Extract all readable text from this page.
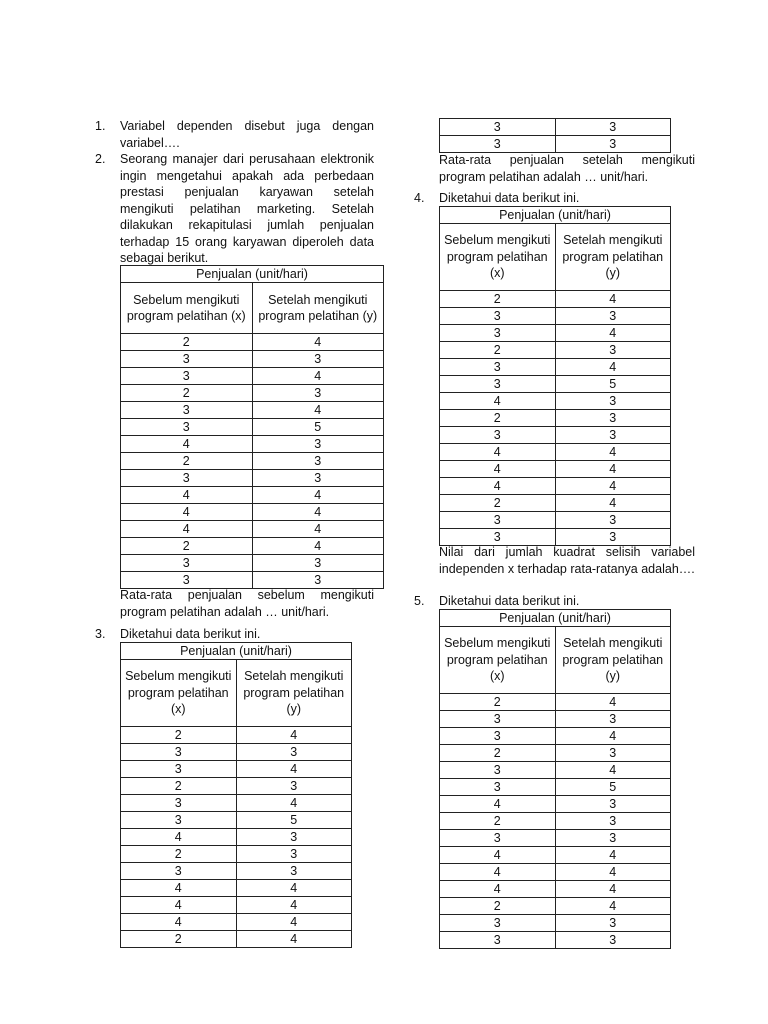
1. Variabel dependen disebut juga dengan variabel….
2. Seorang manajer dari perusahaan elektronik ingin mengetahui apakah ada perbedaan prestasi penjualan karyawan setelah mengikuti pelatihan marketing. Setelah dilakukan rekapitulasi jumlah penjualan terhadap 15 orang karyawan diperoleh data sebagai berikut.
Penjualan (unit/hari)	
Sebelum mengikuti program pelatihan (x)	Setelah mengikuti program pelatihan (y)
2	4
3	3
3	4
2	3
3	4
3	5
4	3
2	3
3	3
4	4
4	4
4	4
2	4
3	3
3	3
Rata-rata penjualan sebelum mengikuti program pelatihan adalah … unit/hari.
3. Diketahui data berikut ini.
Penjualan (unit/hari)	
Sebelum mengikuti program pelatihan (x)	Setelah mengikuti program pelatihan (y)
2	4
3	3
3	4
2	3
3	4
3	5
4	3
2	3
3	3
4	4
4	4
4	4
2	4
3	3
3	3
Rata-rata penjualan setelah mengikuti program pelatihan adalah … unit/hari.
4. Diketahui data berikut ini.
Penjualan (unit/hari)	
Sebelum mengikuti program pelatihan (x)	Setelah mengikuti program pelatihan (y)
2	4
3	3
3	4
2	3
3	4
3	5
4	3
2	3
3	3
4	4
4	4
4	4
2	4
3	3
3	3
Nilai dari jumlah kuadrat selisih variabel independen x terhadap rata-ratanya adalah….
5. Diketahui data berikut ini.
Penjualan (unit/hari)	
Sebelum mengikuti program pelatihan (x)	Setelah mengikuti program pelatihan (y)
2	4
3	3
3	4
2	3
3	4
3	5
4	3
2	3
3	3
4	4
4	4
4	4
2	4
3	3
3	3
